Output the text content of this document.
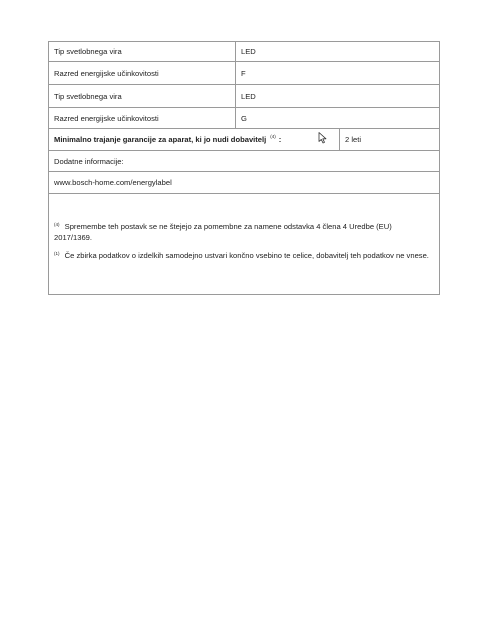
Tip svetlobnega vira	LED
Razred energijske učinkovitosti	F
Tip svetlobnega vira	LED
Razred energijske učinkovitosti	G
Minimalno trajanje garancije za aparat, ki jo nudi dobavitelj (4) :	2 leti
Dodatne informacije:
www.bosch-home.com/energylabel
$^{(4)}$ Spremembe teh postavk se ne štejejo za pomembne za namene odstavka 4 člena 4 Uredbe (EU) 2017/1369.
$^{(1)}$ Če zbirka podatkov o izdelkih samodejno ustvari končno vsebino te celice, dobavitelj teh podatkov ne vnese.
